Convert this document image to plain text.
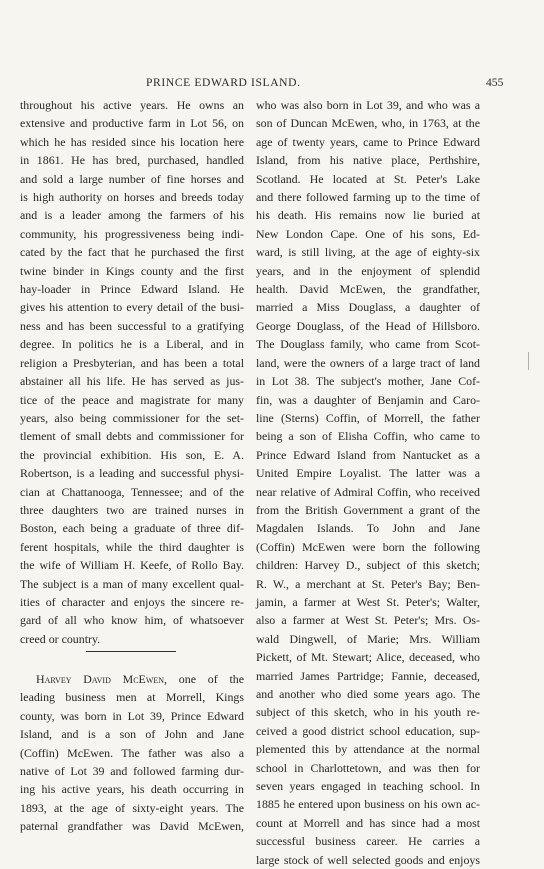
PRINCE EDWARD ISLAND.	455
throughout his active years. He owns an
extensive and productive farm in Lot 56, on
which he has resided since his location here
in 1861. He has bred, purchased, handled
and sold a large number of fine horses and
is high authority on horses and breeds today
and is a leader among the farmers of his
community, his progressiveness being indi-
cated by the fact that he purchased the first
twine binder in Kings county and the first
hay-loader in Prince Edward Island. He
gives his attention to every detail of the busi-
ness and has been successful to a gratifying
degree. In politics he is a Liberal, and in
religion a Presbyterian, and has been a total
abstainer all his life. He has served as jus-
tice of the peace and magistrate for many
years, also being commissioner for the set-
tlement of small debts and commissioner for
the provincial exhibition. His son, E. A.
Robertson, is a leading and successful physi-
cian at Chattanooga, Tennessee; and of the
three daughters two are trained nurses in
Boston, each being a graduate of three dif-
ferent hospitals, while the third daughter is
the wife of William H. Keefe, of Rollo Bay.
The subject is a man of many excellent qual-
ities of character and enjoys the sincere re-
gard of all who know him, of whatsoever
creed or country.
Harvey David McEwen, one of the
leading business men at Morrell, Kings
county, was born in Lot 39, Prince Edward
Island, and is a son of John and Jane
(Coffin) McEwen. The father was also a
native of Lot 39 and followed farming dur-
ing his active years, his death occurring in
1893, at the age of sixty-eight years. The
paternal grandfather was David McEwen,
who was also born in Lot 39, and who was a
son of Duncan McEwen, who, in 1763, at the
age of twenty years, came to Prince Edward
Island, from his native place, Perthshire,
Scotland. He located at St. Peter's Lake
and there followed farming up to the time of
his death. His remains now lie buried at
New London Cape. One of his sons, Ed-
ward, is still living, at the age of eighty-six
years, and in the enjoyment of splendid
health. David McEwen, the grandfather,
married a Miss Douglass, a daughter of
George Douglass, of the Head of Hillsboro.
The Douglass family, who came from Scot-
land, were the owners of a large tract of land
in Lot 38. The subject's mother, Jane Cof-
fin, was a daughter of Benjamin and Caro-
line (Sterns) Coffin, of Morrell, the father
being a son of Elisha Coffin, who came to
Prince Edward Island from Nantucket as a
United Empire Loyalist. The latter was a
near relative of Admiral Coffin, who received
from the British Government a grant of the
Magdalen Islands. To John and Jane
(Coffin) McEwen were born the following
children: Harvey D., subject of this sketch;
R. W., a merchant at St. Peter's Bay; Ben-
jamin, a farmer at West St. Peter's; Walter,
also a farmer at West St. Peter's; Mrs. Os-
wald Dingwell, of Marie; Mrs. William
Pickett, of Mt. Stewart; Alice, deceased, who
married James Partridge; Fannie, deceased,
and another who died some years ago. The
subject of this sketch, who in his youth re-
ceived a good district school education, sup-
plemented this by attendance at the normal
school in Charlottetown, and was then for
seven years engaged in teaching school. In
1885 he entered upon business on his own ac-
count at Morrell and has since had a most
successful business career. He carries a
large stock of well selected goods and enjoys
